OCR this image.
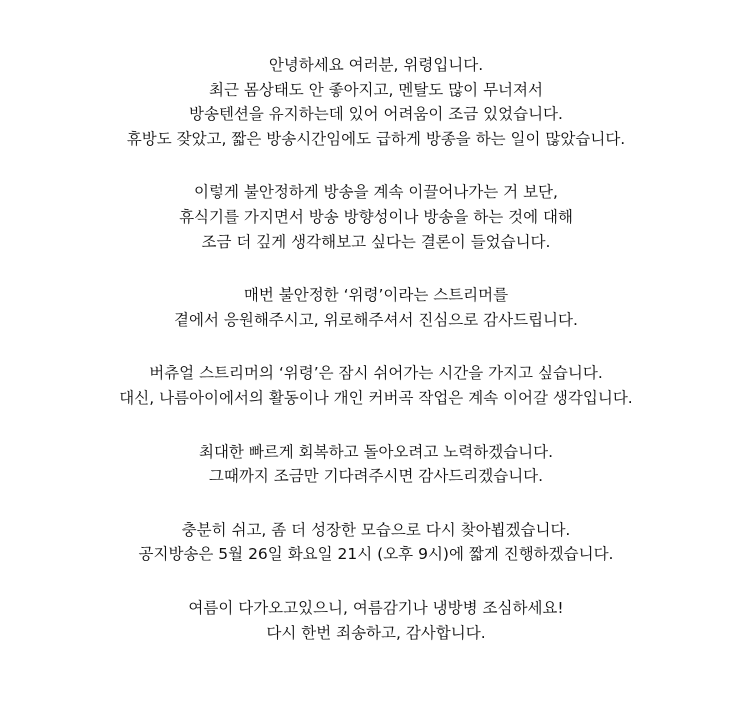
안녕하세요 여러분, 위령입니다.
최근 몸상태도 안 좋아지고, 멘탈도 많이 무너져서
방송텐션을 유지하는데 있어 어려움이 조금 있었습니다.
휴방도 잦았고, 짧은 방송시간임에도 급하게 방종을 하는 일이 많았습니다.
이렇게 불안정하게 방송을 계속 이끌어나가는 거 보단,
휴식기를 가지면서 방송 방향성이나 방송을 하는 것에 대해
조금 더 깊게 생각해보고 싶다는 결론이 들었습니다.
매번 불안정한 ‘위령’이라는 스트리머를
곁에서 응원해주시고, 위로해주셔서 진심으로 감사드립니다.
버츄얼 스트리머의 ‘위령’은 잠시 쉬어가는 시간을 가지고 싶습니다.
대신, 나름아이에서의 활동이나 개인 커버곡 작업은 계속 이어갈 생각입니다.
최대한 빠르게 회복하고 돌아오려고 노력하겠습니다.
그때까지 조금만 기다려주시면 감사드리겠습니다.
충분히 쉬고, 좀 더 성장한 모습으로 다시 찾아뵙겠습니다.
공지방송은 5월 26일 화요일 21시 (오후 9시)에 짧게 진행하겠습니다.
여름이 다가오고있으니, 여름감기나 냉방병 조심하세요!
다시 한번 죄송하고, 감사합니다.
